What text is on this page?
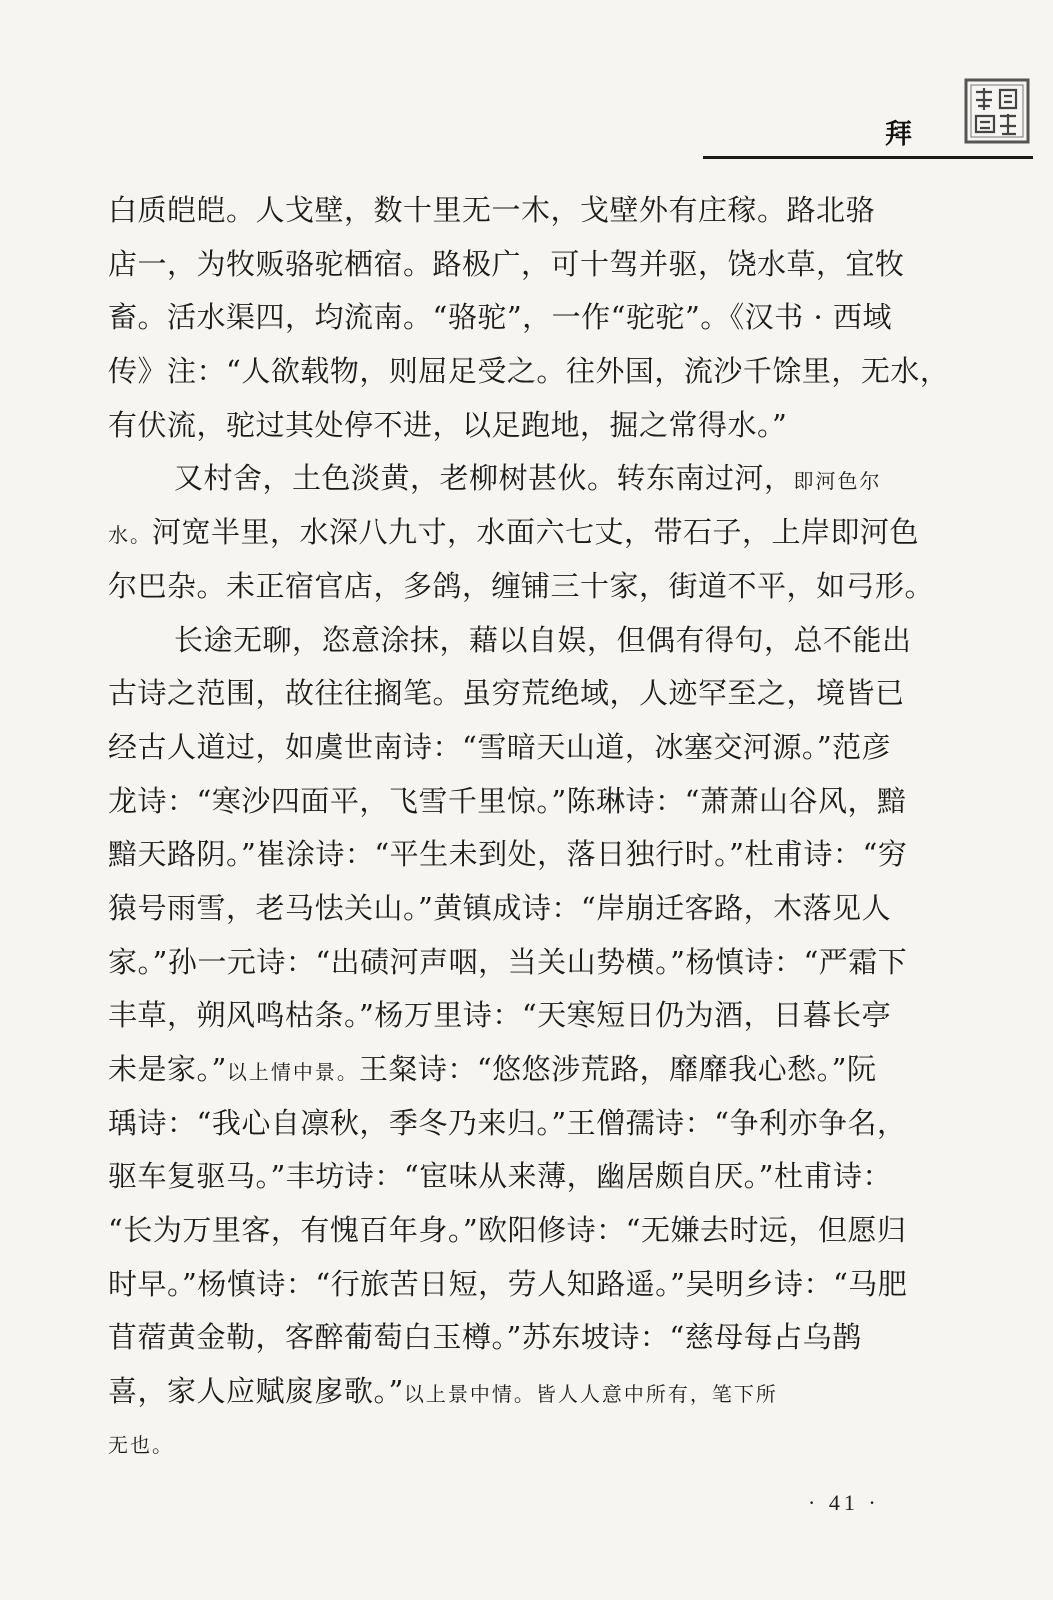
拜
白质皑皑。人戈壁，数十里无一木，戈壁外有庄稼。路北骆
店一，为牧贩骆驼栖宿。路极广，可十驾并驱，饶水草，宜牧
畜。活水渠四，均流南。“骆驼”，一作“驼驼”。《汉书 · 西域
传》注：“人欲载物，则屈足受之。往外国，流沙千馀里，无水，
有伏流，驼过其处停不进，以足跑地，掘之常得水。”
又村舍，土色淡黄，老柳树甚伙。转东南过河，即河色尔
水。河宽半里，水深八九寸，水面六七丈，带石子，上岸即河色
尔巴杂。未正宿官店，多鸽，缠铺三十家，街道不平，如弓形。
长途无聊，恣意涂抹，藉以自娱，但偶有得句，总不能出
古诗之范围，故往往搁笔。虽穷荒绝域，人迹罕至之，境皆已
经古人道过，如虞世南诗：“雪暗天山道，冰塞交河源。”范彦
龙诗：“寒沙四面平，飞雪千里惊。”陈琳诗：“萧萧山谷风，黯
黯天路阴。”崔涂诗：“平生未到处，落日独行时。”杜甫诗：“穷
猿号雨雪，老马怯关山。”黄镇成诗：“岸崩迁客路，木落见人
家。”孙一元诗：“出碛河声咽，当关山势横。”杨慎诗：“严霜下
丰草，朔风鸣枯条。”杨万里诗：“天寒短日仍为酒，日暮长亭
未是家。”以上情中景。王粲诗：“悠悠涉荒路，靡靡我心愁。”阮
瑀诗：“我心自凛秋，季冬乃来归。”王僧孺诗：“争利亦争名，
驱车复驱马。”丰坊诗：“宦味从来薄，幽居颇自厌。”杜甫诗：
“长为万里客，有愧百年身。”欧阳修诗：“无嫌去时远，但愿归
时早。”杨慎诗：“行旅苦日短，劳人知路遥。”吴明乡诗：“马肥
苜蓿黄金勒，客醉葡萄白玉樽。”苏东坡诗：“慈母每占乌鹊
喜，家人应赋扊扅歌。”以上景中情。皆人人意中所有，笔下所
无也。
· 41 ·
